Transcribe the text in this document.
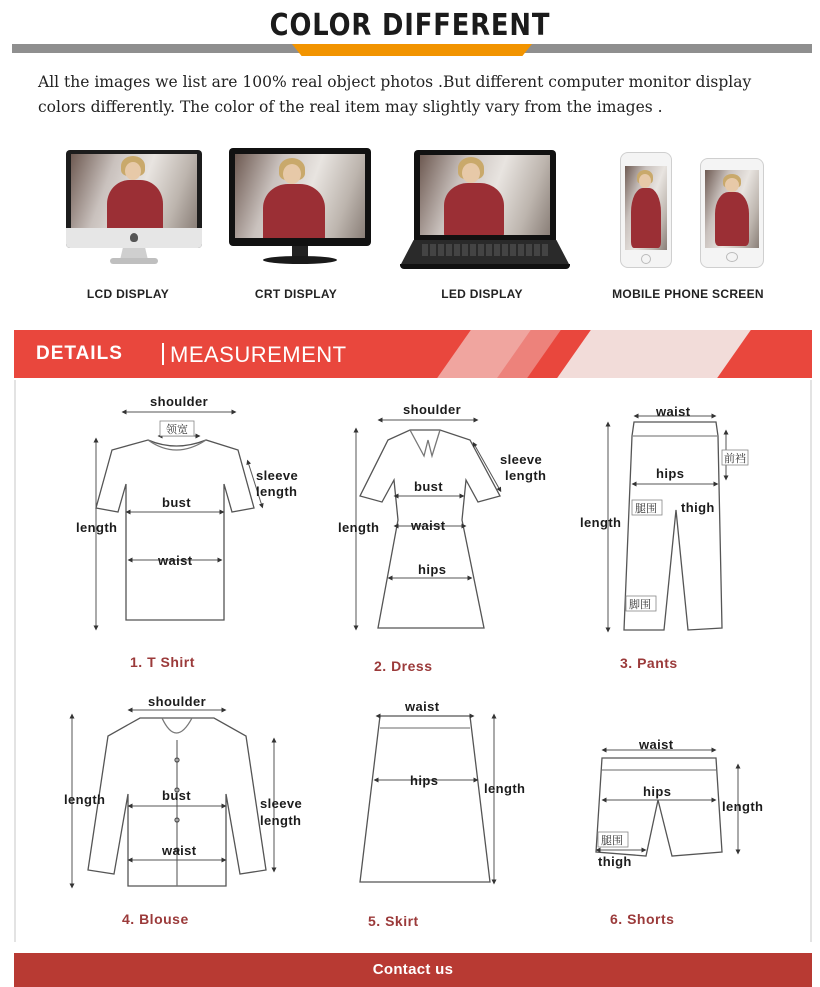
COLOR DIFFERENT

All the images we list are 100% real object photos .But different computer monitor display colors differently. The color of the real item may slightly vary from the images .

LCD DISPLAY	CRT DISPLAY	LED DISPLAY	MOBILE PHONE SCREEN
DETAILS MEASUREMENT
shoulder
领宽
sleeve
length
bust
length
waist
1. T Shirt
shoulder
sleeve
length
bust
length waist
hips
2. Dress
waist
前裆
hips
腿围 thigh
length
脚围
3. Pants
shoulder
length	bust
sleeve
length
waist
4. Blouse
waist
hips
length
5. Skirt
waist
hips
length
腿围
thigh
6. Shorts
Contact us
